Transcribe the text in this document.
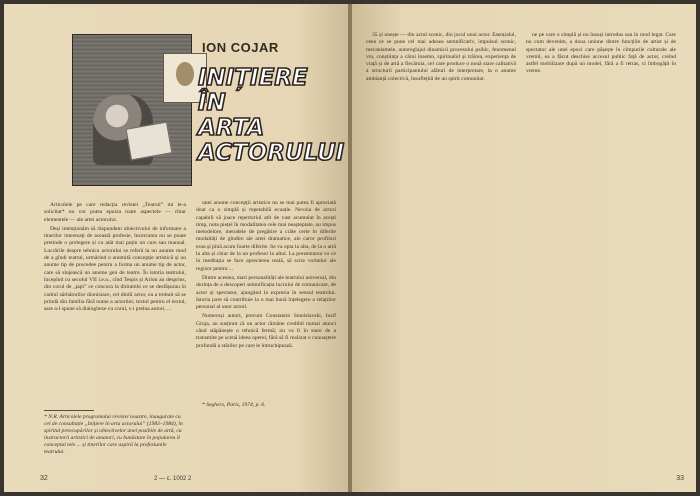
ION COJAR
INIȚIERE
ÎN
ARTA
ACTORULUI

Articolele pe care redacția revistei „Teatrul” mi le-a solicitat* nu vor putea epuiza toate aspectele — chiar elementele — ale artei actorului.

Deși intenționăm să răspundem obiectivului de informare a tinerilor interesați de această profesie, încercarea nu se poate pretinde o prelegere și cu atât mai puțin un curs sau manual. Lucrările despre tehnica actorului se referă la un anume mod de a gîndi teatrul, urmărind o anumită concepție artistică și un anume tip de procedee pentru a forma un anume tip de actor, care să slujească un anume gen de teatru. În istoria teatrului, începînd cu secolul VII î.e.n., cînd Tespis și Arion au desprins, din corul de „țapi” ce concura la ditirambi ce se desfășurau în cadrul sărbătorilor dionisiace, cel dintîi actor, ea a trebuit să se prindă din familia fără nume a actorilor, textul pentru el textul, sare a-l spune să dialogheze cu corul, s-i prelua autori, ...

* N.R. Articolele programului revistei noastre, inaugurate cu cel de consultație „Inițiere în arta actorului” (1983–1984), în spiritul preocupărilor și obiectivelor unei posibile de artă, cu instructorii artistici de amatori, cu bunăstare în popularea îl conceptul tele ... și tinerilor care aspiră la profesiunile teatrului.

unei anume concepții artistice nu se mai putea fi apreciată doar ca o simplă și repetabilă ecuație. Nevoia de actori capabili să joace repertoriul atît de vast acumulat în acești timp, nota pieței în modalitatea cele mai neașteptate, au impus metodelore, metodele de pregătire a crăte certe în diferite modaltăți de gîndire ale artei dramatice, ale caror profiluri erau și pînă acum foarte diferite. Se va opta la alta, de la o artă la alta și chiar de la un profesor la altul. La prezentarea vo ce în meditația se face aprecierea reală, să scrie vorbelor ale regizor pentru ...

Dintre acestea, mari personalități ale teatrului universal, din dorința de a descoperi semnificația lucrului de comunicare, de actor și spectator, ajungând la expresia în sensul teatrului. Istoria pare să contribuie la o mai bună înțelegere a relațiilor personal al unor actori.

Numeroși autori, precum Constantin Stanislavski, Iosif Gruja, au susținut că un actor rămâne credibil numai atunci când stăpânește o tehnică fermă; nu va fi în stare de a transmite pe scenă ideea operei, fără să fi realizat o cunoaștere profundă a stărilor pe care le întruchipează.

* Seghers, Paris, 1974, p. 6.
32	2 — c. 1002 2

35 și unește — din actul scenic, din jocul unui actor. Esențialul, ceea ce se pune cel mai adesea semnificativ, impulsul scenic, mecanismele, autoreglajul dinamicii procesului psihic, fenomenul viu, conștiința a cărui însemn, spiritualul și trăirea, experiența de viață și de artă a fiecăruia, cel care produce o nouă stare calitativă a structurii participantului alături de interpretare, la o anume ambianță colectivă, însuflețită de un spirit comunitar.

ne pe care o simplă și nu însuși introdus sau în mod legat. Care nu cum devenim, a doua uniune dintre funcțiile de artist și de spectator ale unei epoci care pășește în cîmpurile culturale ale vremii, ea a făcut deschise accesul public față de actor, creînd astfel mobilizare după un model, fără a fi retras, ci îmbogățit în vreme.

33
